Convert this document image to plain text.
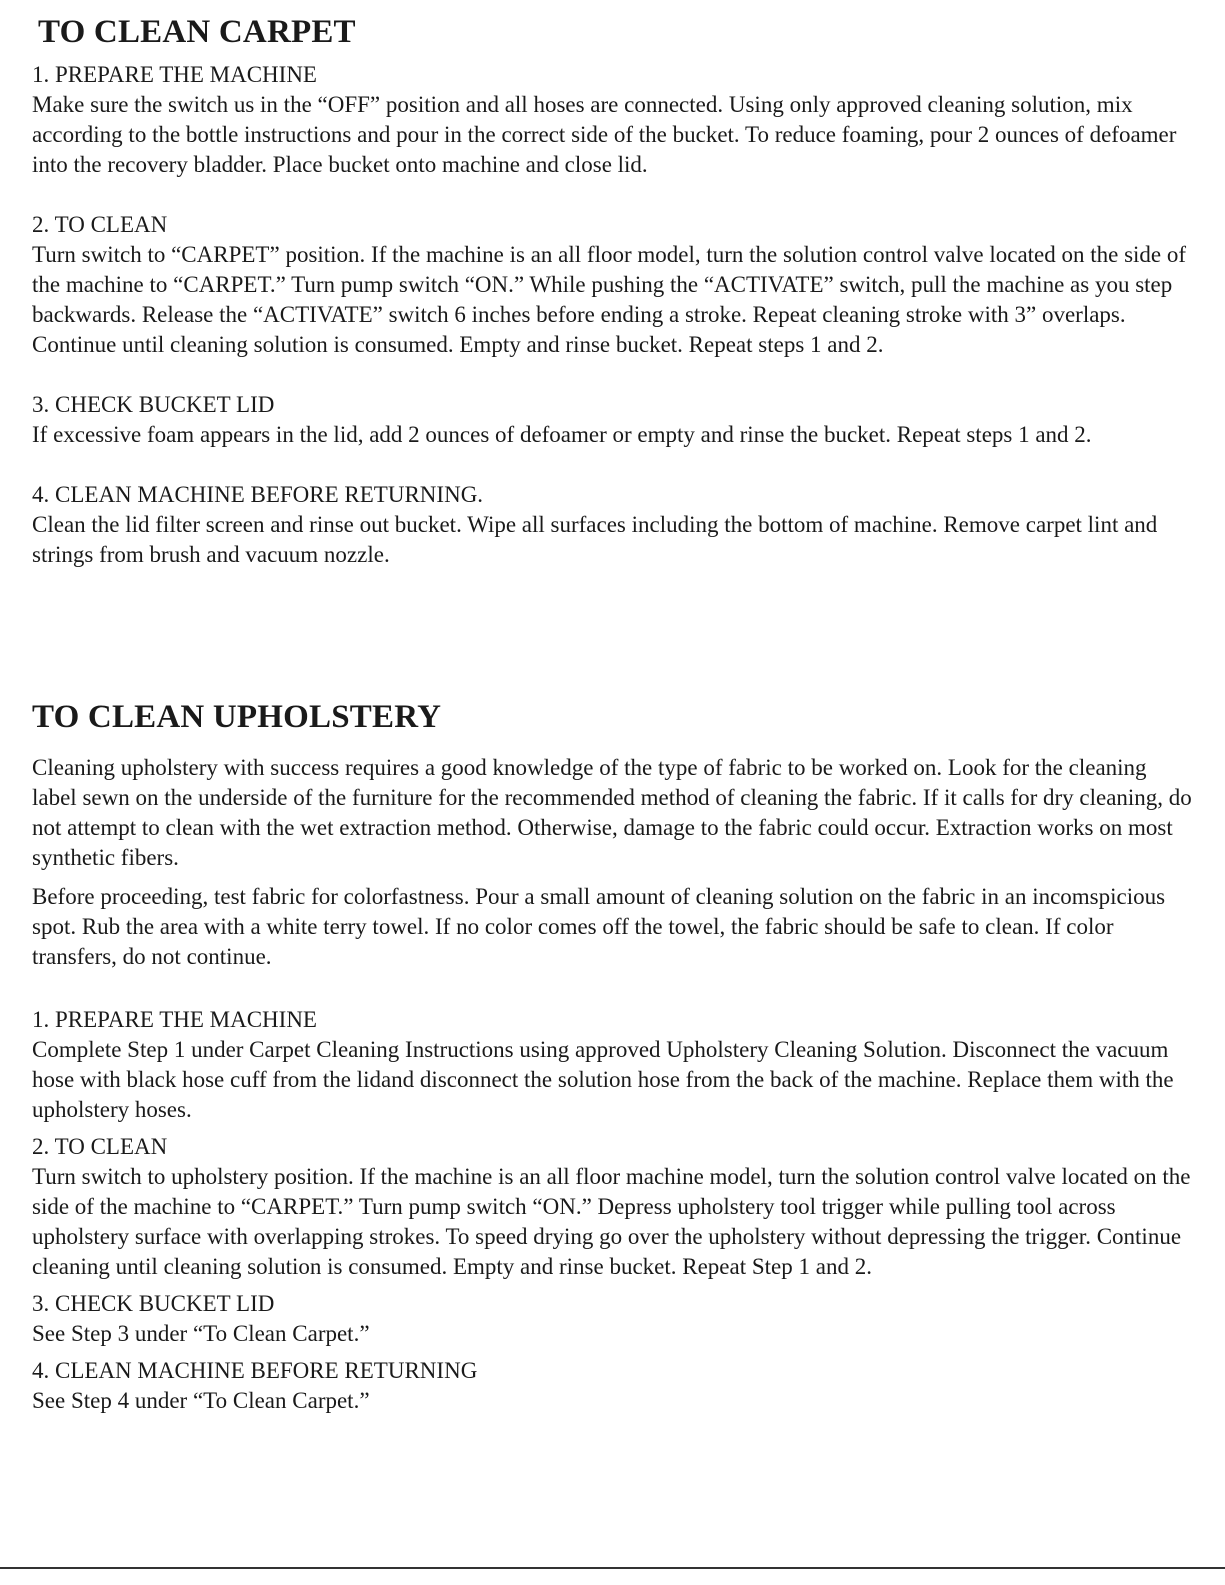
TO CLEAN CARPET

1. PREPARE THE MACHINE

Make sure the switch us in the “OFF” position and all hoses are connected. Using only approved cleaning solution, mix according to the bottle instructions and pour in the correct side of the bucket. To reduce foaming, pour 2 ounces of defoamer into the recovery bladder. Place bucket onto machine and close lid.

2. TO CLEAN

Turn switch to “CARPET” position. If the machine is an all floor model, turn the solution control valve located on the side of the machine to “CARPET.” Turn pump switch “ON.” While pushing the “ACTIVATE” switch, pull the machine as you step backwards. Release the “ACTIVATE” switch 6 inches before ending a stroke. Repeat cleaning stroke with 3” overlaps. Continue until cleaning solution is consumed. Empty and rinse bucket. Repeat steps 1 and 2.

3. CHECK BUCKET LID

If excessive foam appears in the lid, add 2 ounces of defoamer or empty and rinse the bucket. Repeat steps 1 and 2.

4. CLEAN MACHINE BEFORE RETURNING.

Clean the lid filter screen and rinse out bucket. Wipe all surfaces including the bottom of machine. Remove carpet lint and strings from brush and vacuum nozzle.

TO CLEAN UPHOLSTERY

Cleaning upholstery with success requires a good knowledge of the type of fabric to be worked on. Look for the cleaning label sewn on the underside of the furniture for the recommended method of cleaning the fabric. If it calls for dry cleaning, do not attempt to clean with the wet extraction method. Otherwise, damage to the fabric could occur. Extraction works on most synthetic fibers.

Before proceeding, test fabric for colorfastness. Pour a small amount of cleaning solution on the fabric in an incomspicious spot. Rub the area with a white terry towel. If no color comes off the towel, the fabric should be safe to clean. If color transfers, do not continue.

1. PREPARE THE MACHINE

Complete Step 1 under Carpet Cleaning Instructions using approved Upholstery Cleaning Solution. Disconnect the vacuum hose with black hose cuff from the lidand disconnect the solution hose from the back of the machine. Replace them with the upholstery hoses.

2. TO CLEAN

Turn switch to upholstery position. If the machine is an all floor machine model, turn the solution control valve located on the side of the machine to “CARPET.” Turn pump switch “ON.” Depress upholstery tool trigger while pulling tool across upholstery surface with overlapping strokes. To speed drying go over the upholstery without depressing the trigger. Continue cleaning until cleaning solution is consumed. Empty and rinse bucket. Repeat Step 1 and 2.

3. CHECK BUCKET LID

See Step 3 under “To Clean Carpet.”

4. CLEAN MACHINE BEFORE RETURNING

See Step 4 under “To Clean Carpet.”
